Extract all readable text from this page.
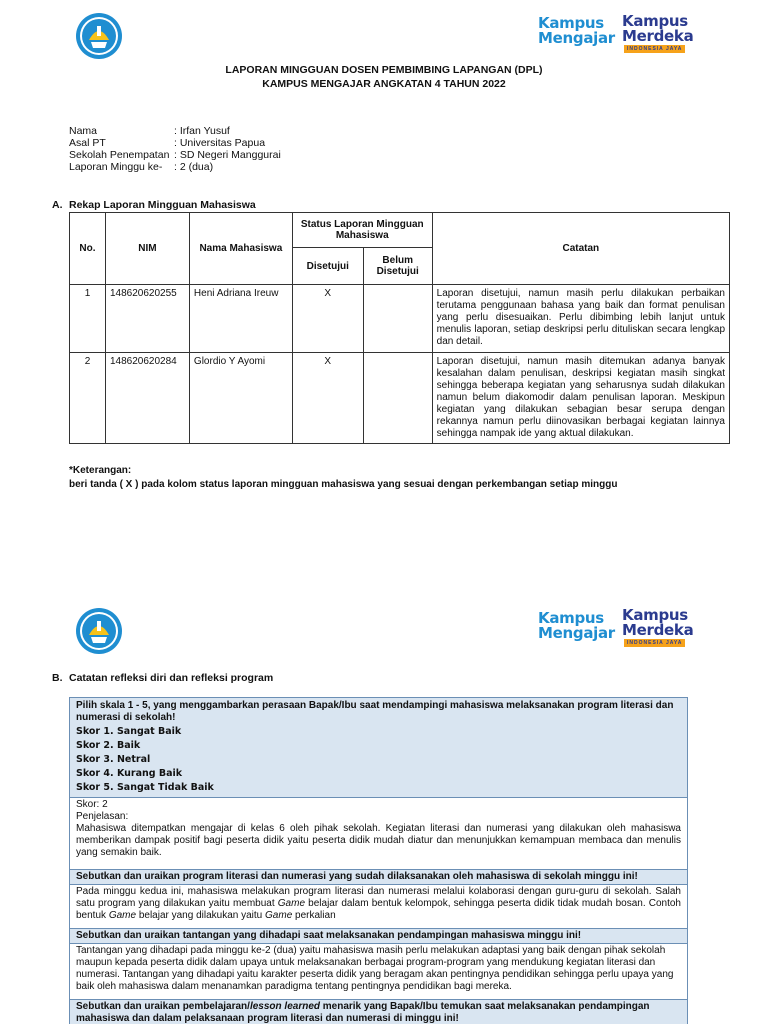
Kampus
Mengajar
Kampus
Merdeka
INDONESIA JAYA
LAPORAN MINGGUAN DOSEN PEMBIMBING LAPANGAN (DPL)
KAMPUS MENGAJAR ANGKATAN 4 TAHUN 2022
Nama	: Irfan Yusuf
Asal PT	: Universitas Papua
Sekolah Penempatan : SD Negeri Manggurai
Laporan Minggu ke-	: 2 (dua)
A. Rekap Laporan Mingguan Mahasiswa
No.	NIM	Nama Mahasiswa	Status Laporan Mingguan Mahasiswa		Catatan
			Disetujui	Belum Disetujui	
1	148620620255	Heni Adriana Ireuw	X		Laporan disetujui, namun masih perlu dilakukan perbaikan terutama penggunaan bahasa yang baik dan format penulisan yang perlu disesuaikan. Perlu dibimbing lebih lanjut untuk menulis laporan, setiap deskripsi perlu dituliskan secara lengkap dan detail.
2	148620620284	Glordio Y Ayomi	X		Laporan disetujui, namun masih ditemukan adanya banyak kesalahan dalam penulisan, deskripsi kegiatan masih singkat sehingga beberapa kegiatan yang seharusnya sudah dilakukan namun belum diakomodir dalam penulisan laporan. Meskipun kegiatan yang dilakukan sebagian besar serupa dengan rekannya namun perlu diinovasikan berbagai kegiatan lainnya sehingga nampak ide yang aktual dilakukan.
*Keterangan:
beri tanda ( X ) pada kolom status laporan mingguan mahasiswa yang sesuai dengan perkembangan setiap minggu
Kampus
Mengajar
Kampus
Merdeka
INDONESIA JAYA
B. Catatan refleksi diri dan refleksi program
Pilih skala 1 - 5, yang menggambarkan perasaan Bapak/Ibu saat mendampingi mahasiswa melaksanakan program literasi dan numerasi di sekolah!
Skor 1. Sangat Baik
Skor 2. Baik
Skor 3. Netral
Skor 4. Kurang Baik
Skor 5. Sangat Tidak Baik
Skor: 2
Penjelasan:
Mahasiswa ditempatkan mengajar di kelas 6 oleh pihak sekolah. Kegiatan literasi dan numerasi yang dilakukan oleh mahasiswa memberikan dampak positif bagi peserta didik yaitu peserta didik mudah diatur dan menunjukkan kemampuan membaca dan menulis yang semakin baik.
Sebutkan dan uraikan program literasi dan numerasi yang sudah dilaksanakan oleh mahasiswa di sekolah minggu ini!
Pada minggu kedua ini, mahasiswa melakukan program literasi dan numerasi melalui kolaborasi dengan guru-guru di sekolah. Salah satu program yang dilakukan yaitu membuat Game belajar dalam bentuk kelompok, sehingga peserta didik tidak mudah bosan. Contoh bentuk Game belajar yang dilakukan yaitu Game perkalian
Sebutkan dan uraikan tantangan yang dihadapi saat melaksanakan pendampingan mahasiswa minggu ini!
Tantangan yang dihadapi pada minggu ke-2 (dua) yaitu mahasiswa masih perlu melakukan adaptasi yang baik dengan pihak sekolah maupun kepada peserta didik dalam upaya untuk melaksanakan berbagai program-program yang mendukung kegiatan literasi dan numerasi. Tantangan yang dihadapi yaitu karakter peserta didik yang beragam akan pentingnya pendidikan sehingga perlu upaya yang baik oleh mahasiswa dalam menanamkan paradigma tentang pentingnya pendidikan bagi mereka.
Sebutkan dan uraikan pembelajaran/lesson learned menarik yang Bapak/Ibu temukan saat melaksanakan pendampingan mahasiswa dan dalam pelaksanaan program literasi dan numerasi di minggu ini!
